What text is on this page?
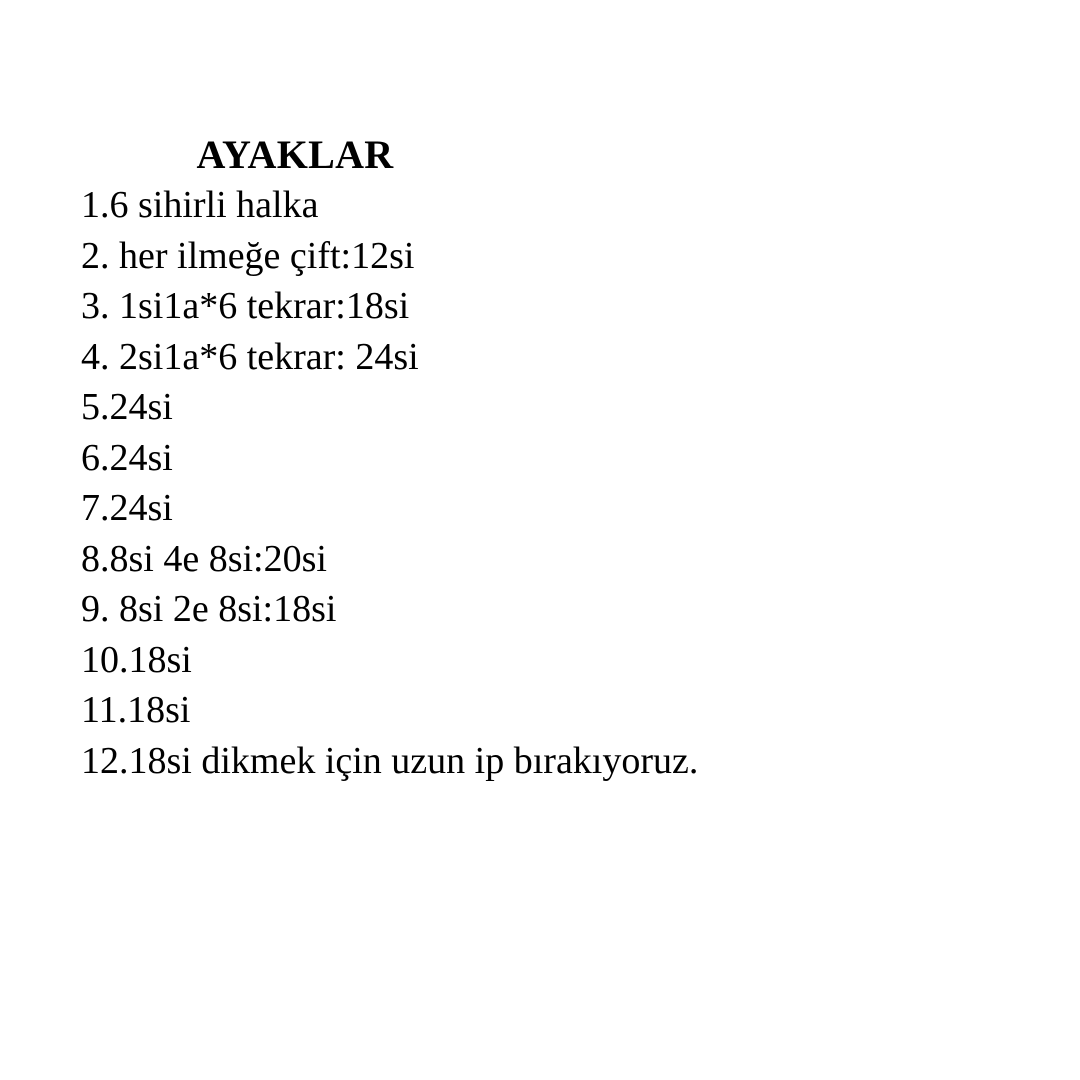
AYAKLAR
1.6 sihirli halka
2. her ilmeğe çift:12si
3. 1si1a*6 tekrar:18si
4. 2si1a*6 tekrar: 24si
5.24si
6.24si
7.24si
8.8si 4e 8si:20si
9. 8si 2e 8si:18si
10.18si
11.18si
12.18si dikmek için uzun ip bırakıyoruz.
